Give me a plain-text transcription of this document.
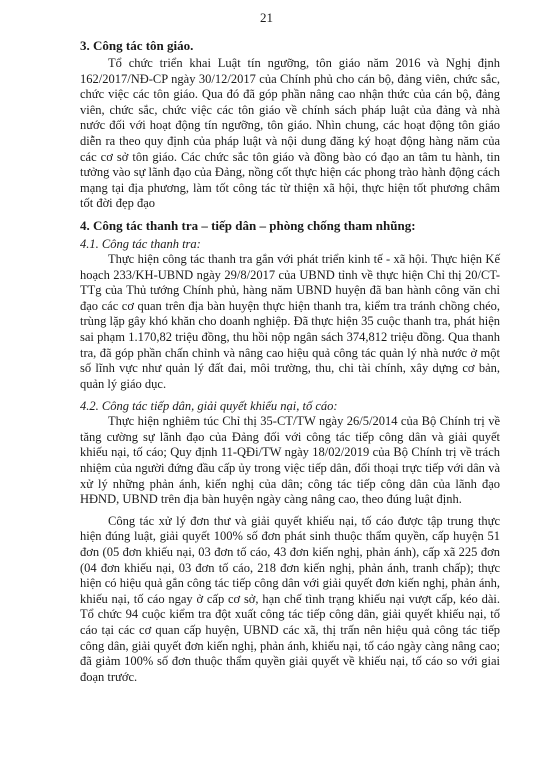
21

3. Công tác tôn giáo.

Tổ chức triển khai Luật tín ngưỡng, tôn giáo năm 2016 và Nghị định 162/2017/NĐ-CP ngày 30/12/2017 của Chính phủ cho cán bộ, đảng viên, chức sắc, chức việc các tôn giáo. Qua đó đã góp phần nâng cao nhận thức của cán bộ, đảng viên, chức sắc, chức việc các tôn giáo về chính sách pháp luật của đảng và nhà nước đối với hoạt động tín ngưỡng, tôn giáo. Nhìn chung, các hoạt động tôn giáo diễn ra theo quy định của pháp luật và nội dung đăng ký hoạt động hàng năm của các cơ sở tôn giáo. Các chức sắc tôn giáo và đồng bào có đạo an tâm tu hành, tin tưởng vào sự lãnh đạo của Đảng, nồng cốt thực hiện các phong trào hành động cách mạng tại địa phương, làm tốt công tác từ thiện xã hội, thực hiện tốt phương châm tốt đời đẹp đạo

4. Công tác thanh tra – tiếp dân – phòng chống tham nhũng:

4.1. Công tác thanh tra:

Thực hiện công tác thanh tra gắn với phát triển kinh tế - xã hội. Thực hiện Kế hoạch 233/KH-UBND ngày 29/8/2017 của UBND tỉnh về thực hiện Chỉ thị 20/CT-TTg của Thủ tướng Chính phủ, hàng năm UBND huyện đã ban hành công văn chỉ đạo các cơ quan trên địa bàn huyện thực hiện thanh tra, kiểm tra tránh chồng chéo, trùng lặp gây khó khăn cho doanh nghiệp. Đã thực hiện 35 cuộc thanh tra, phát hiện sai phạm 1.170,82 triệu đồng, thu hồi nộp ngân sách 374,812 triệu đồng. Qua thanh tra, đã góp phần chấn chỉnh và nâng cao hiệu quả công tác quản lý nhà nước ở một số lĩnh vực như quản lý đất đai, môi trường, thu, chi tài chính, xây dựng cơ bản, quản lý giáo dục.

4.2. Công tác tiếp dân, giải quyết khiếu nại, tố cáo:

Thực hiện nghiêm túc Chỉ thị 35-CT/TW ngày 26/5/2014 của Bộ Chính trị về tăng cường sự lãnh đạo của Đảng đối với công tác tiếp công dân và giải quyết khiếu nại, tố cáo; Quy định 11-QĐi/TW ngày 18/02/2019 của Bộ Chính trị về trách nhiệm của người đứng đầu cấp ủy trong việc tiếp dân, đối thoại trực tiếp với dân và xử lý những phản ánh, kiến nghị của dân; công tác tiếp công dân của lãnh đạo HĐND, UBND trên địa bàn huyện ngày càng nâng cao, theo đúng luật định.

Công tác xử lý đơn thư và giải quyết khiếu nại, tố cáo được tập trung thực hiện đúng luật, giải quyết 100% số đơn phát sinh thuộc thẩm quyền, cấp huyện 51 đơn (05 đơn khiếu nại, 03 đơn tố cáo, 43 đơn kiến nghị, phản ánh), cấp xã 225 đơn (04 đơn khiếu nại, 03 đơn tố cáo, 218 đơn kiến nghị, phản ánh, tranh chấp); thực hiện có hiệu quả gắn công tác tiếp công dân với giải quyết đơn kiến nghị, phản ánh, khiếu nại, tố cáo ngay ở cấp cơ sở, hạn chế tình trạng khiếu nại vượt cấp, kéo dài. Tổ chức 94 cuộc kiểm tra đột xuất công tác tiếp công dân, giải quyết khiếu nại, tố cáo tại các cơ quan cấp huyện, UBND các xã, thị trấn nên hiệu quả công tác tiếp công dân, giải quyết đơn kiến nghị, phản ánh, khiếu nại, tố cáo ngày càng nâng cao; đã giảm 100% số đơn thuộc thẩm quyền giải quyết về khiếu nại, tố cáo so với giai đoạn trước.
